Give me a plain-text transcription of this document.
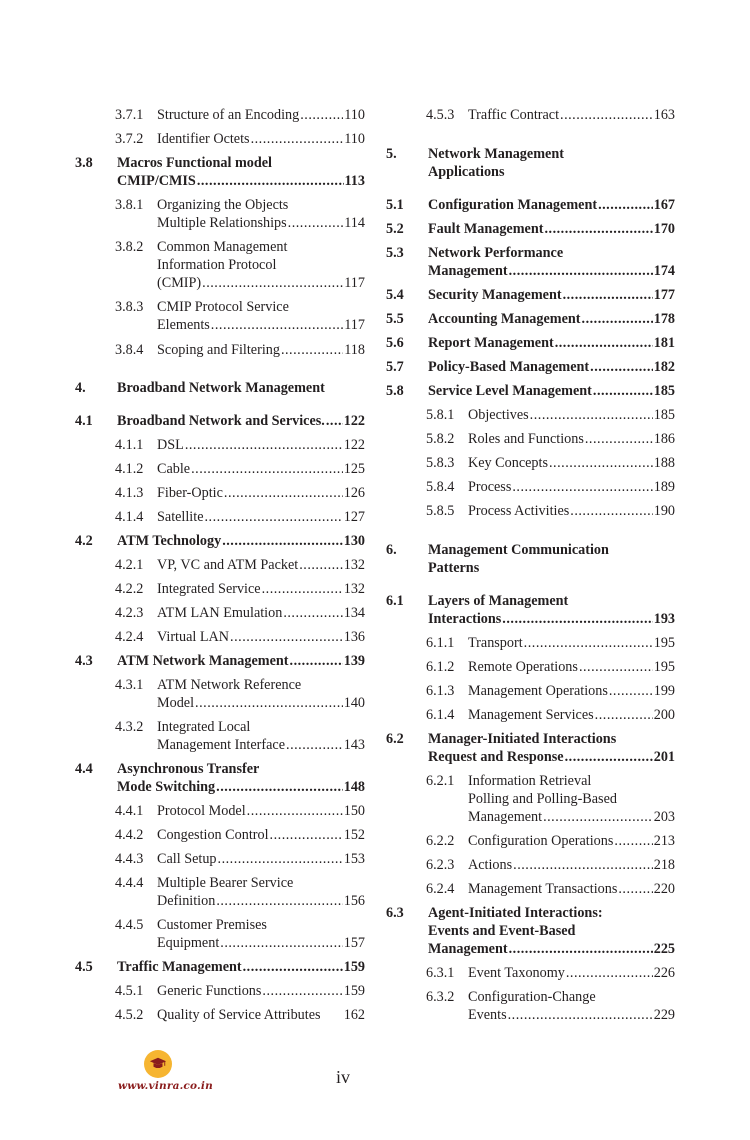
3.7.1 Structure of an Encoding .....	110
3.7.2 Identifier Octets .....	110
3.8 Macros Functional model
CMIP/CMIS .....	113
3.8.1 Organizing the Objects
Multiple Relationships .....	114
3.8.2 Common Management
Information Protocol
(CMIP) .....	117
3.8.3 CMIP Protocol Service
Elements .....	117
3.8.4 Scoping and Filtering .....	118
4. Broadband Network Management
4.1 Broadband Network and Services. ..... 122
4.1.1 DSL .....	122
4.1.2 Cable .....	125
4.1.3 Fiber-Optic .....	126
4.1.4 Satellite .....	127
4.2 ATM Technology .....	130
4.2.1 VP, VC and ATM Packet .....	132
4.2.2 Integrated Service .....	132
4.2.3 ATM LAN Emulation .....	134
4.2.4 Virtual LAN .....	136
4.3 ATM Network Management .....	139
4.3.1 ATM Network Reference
Model .....	140
4.3.2 Integrated Local
Management Interface .....	143
4.4 Asynchronous Transfer
Mode Switching .....	148
4.4.1 Protocol Model .....	150
4.4.2 Congestion Control .....	152
4.4.3 Call Setup .....	153
4.4.4 Multiple Bearer Service
Definition .....	156
4.4.5 Customer Premises
Equipment .....	157
4.5 Traffic Management .....	159
4.5.1 Generic Functions .....	159
4.5.2 Quality of Service Attributes 162
4.5.3 Traffic Contract .....	163
5. Network Management
Applications
5.1 Configuration Management .....	167
5.2 Fault Management .....	170
5.3 Network Performance
Management .....	174
5.4 Security Management .....	177
5.5 Accounting Management .....	178
5.6 Report Management .....	181
5.7 Policy-Based Management .....	182
5.8 Service Level Management .....	185
5.8.1 Objectives .....	185
5.8.2 Roles and Functions .....	186
5.8.3 Key Concepts .....	188
5.8.4 Process .....	189
5.8.5 Process Activities .....	190
6. Management Communication
Patterns
6.1 Layers of Management
Interactions .....	193
6.1.1 Transport .....	195
6.1.2 Remote Operations .....	195
6.1.3 Management Operations .....	199
6.1.4 Management Services .....	200
6.2 Manager-Initiated Interactions
Request and Response .....	201
6.2.1 Information Retrieval
Polling and Polling-Based
Management .....	203
6.2.2 Configuration Operations .....	213
6.2.3 Actions .....	218
6.2.4 Management Transactions .....	220
6.3 Agent-Initiated Interactions:
Events and Event-Based
Management .....	225
6.3.1 Event Taxonomy .....	226
6.3.2 Configuration-Change
Events .....	229
www.vinra.co.in	iv
